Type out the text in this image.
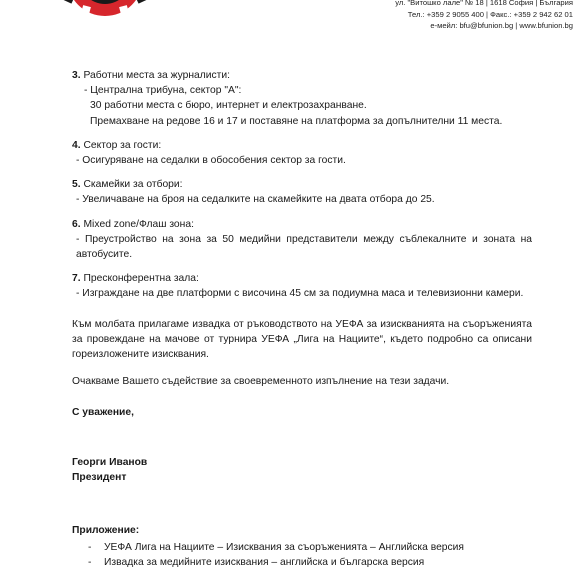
ул. "Витошко лале" № 18 | 1618 София | България
Тел.: +359 2 9055 400 | Факс.: +359 2 942 62 01
е-мейл: bfu@bfunion.bg | www.bfunion.bg

3. Работни места за журналисти:

- Централна трибуна, сектор "А":

30 работни места с бюро, интернет и електрозахранване.

Премахване на редове 16 и 17 и поставяне на платформа за допълнителни 11 места.

4. Сектор за гости:

- Осигуряване на седалки в обособения сектор за гости.

5. Скамейки за отбори:

- Увеличаване на броя на седалките на скамейките на двата отбора до 25.

6. Mixed zone/Флаш зона:

- Преустройство на зона за 50 медийни представители между съблекалните и зоната на автобусите.

7. Пресконферентна зала:

- Изграждане на две платформи с височина 45 см за подиумна маса и телевизионни камери.

Към молбата прилагаме извадка от ръководството на УЕФА за изискванията на съоръженията за провеждане на мачове от турнира УЕФА „Лига на Нациите“, където подробно са описани гореизложените изисквания.

Очакваме Вашето съдействие за своевременното изпълнение на тези задачи.

С уважение,

Георги Иванов

Президент

Приложение:

- УЕФА Лига на Нациите – Изисквания за съоръженията – Английска версия
- Извадка за медийните изисквания – английска и българска версия
